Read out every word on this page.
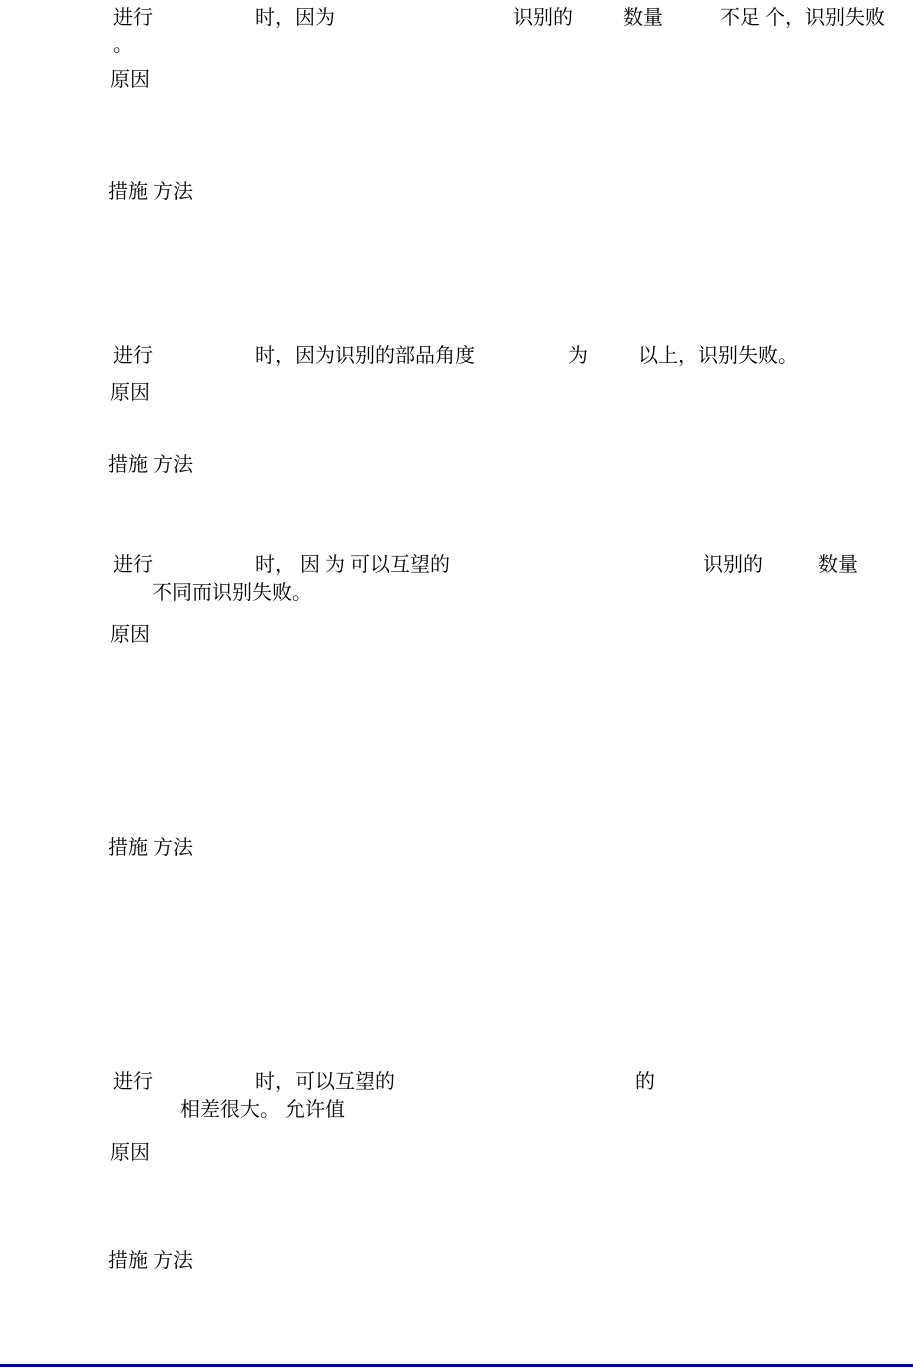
进行	时，因为	识别的	数量	不足 个，识别失败
。
原因
措施 方法
进行	时，因为识别的部品角度	为	以上，识别失败。
原因
措施 方法
进行	时， 因 为 可以互望的	识别的	数量
不同而识别失败。
原因
措施 方法
进行	时，可以互望的	的
相差很大。 允许值
原因
措施 方法
